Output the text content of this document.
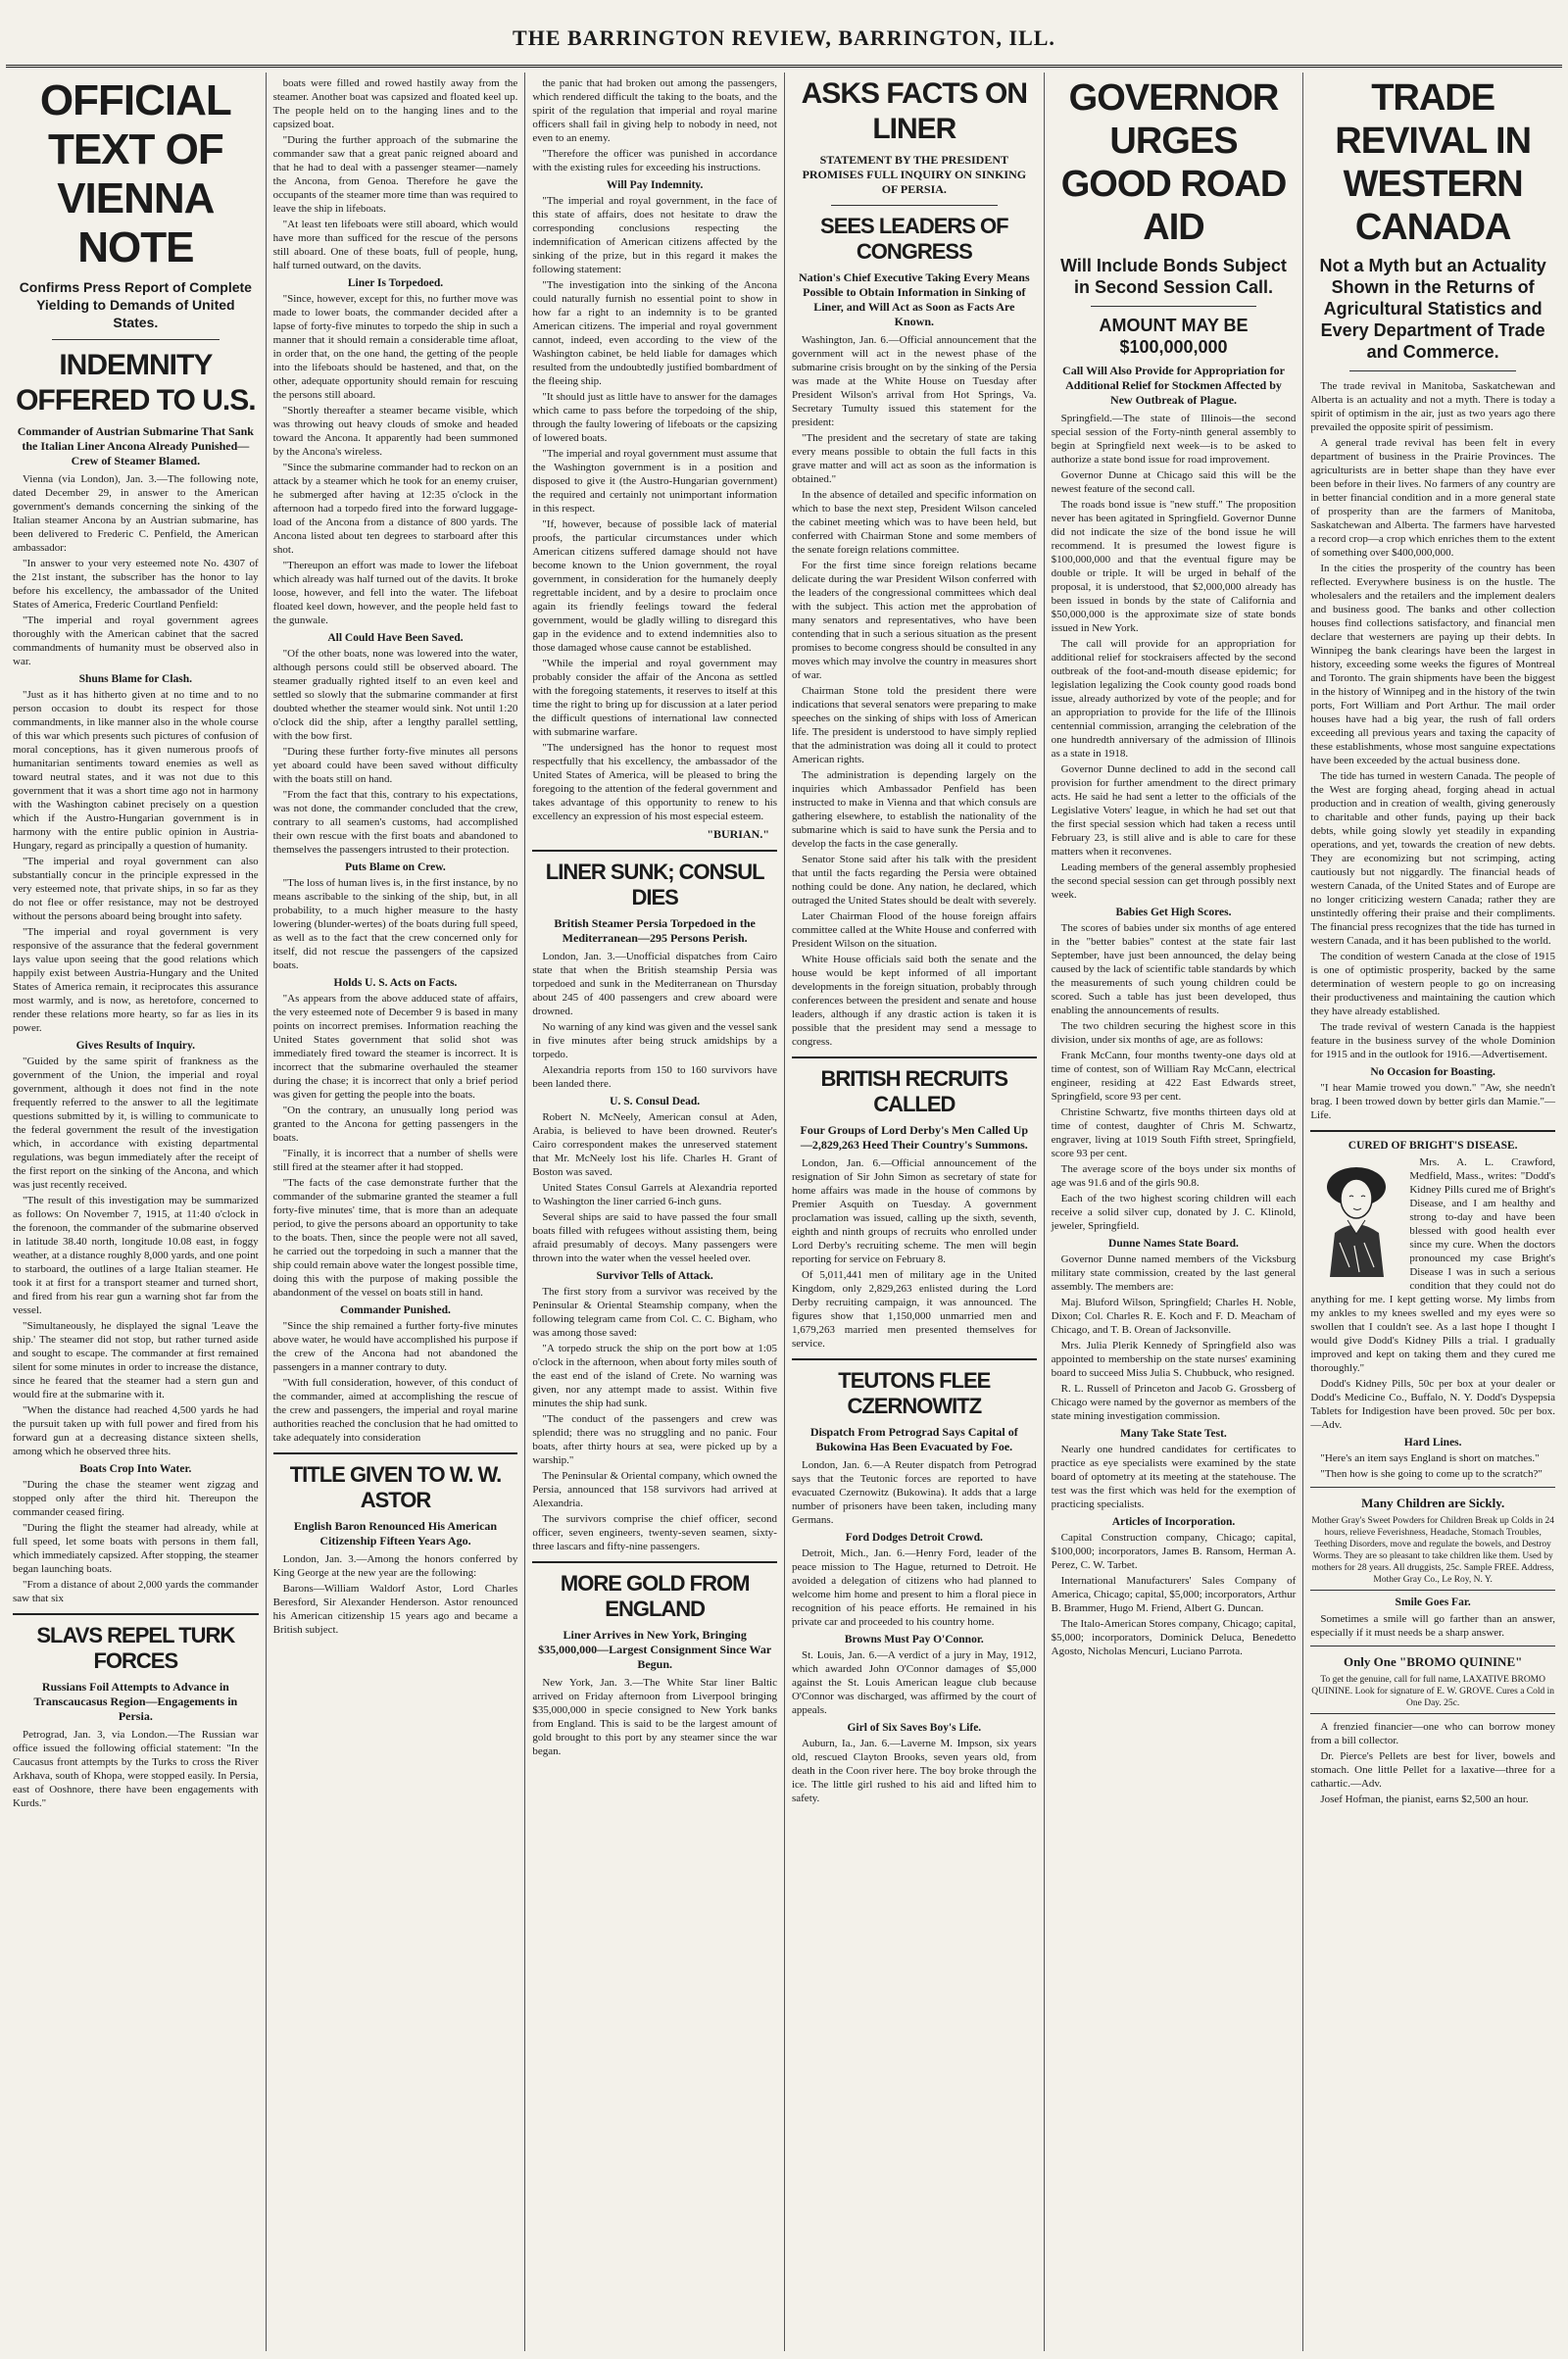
THE BARRINGTON REVIEW, BARRINGTON, ILL.
OFFICIAL TEXT OF VIENNA NOTE
Confirms Press Report of Complete Yielding to Demands of United States.
INDEMNITY OFFERED TO U.S.
Commander of Austrian Submarine That Sank the Italian Liner Ancona Already Punished—Crew of Steamer Blamed.

Vienna (via London), Jan. 3.—The following note, dated December 29, in answer to the American government's demands concerning the sinking of the Italian steamer Ancona by an Austrian submarine, has been delivered to Frederic C. Penfield, the American ambassador:

"In answer to your very esteemed note No. 4307 of the 21st instant, the subscriber has the honor to lay before his excellency, the ambassador of the United States of America, Frederic Courtland Penfield:

"The imperial and royal government agrees thoroughly with the American cabinet that the sacred commandments of humanity must be observed also in war.

Shuns Blame for Clash.

"Just as it has hitherto given at no time and to no person occasion to doubt its respect for those commandments, in like manner also in the whole course of this war which presents such pictures of confusion of moral conceptions, has it given numerous proofs of humanitarian sentiments toward enemies as well as toward neutral states, and it was not due to this government that it was a short time ago not in harmony with the Washington cabinet precisely on a question which if the Austro-Hungarian government is in harmony with the entire public opinion in Austria-Hungary, regard as principally a question of humanity.

"The imperial and royal government can also substantially concur in the principle expressed in the very esteemed note, that private ships, in so far as they do not flee or offer resistance, may not be destroyed without the persons aboard being brought into safety.

"The imperial and royal government is very responsive of the assurance that the federal government lays value upon seeing that the good relations which happily exist between Austria-Hungary and the United States of America remain, it reciprocates this assurance most warmly, and is now, as heretofore, concerned to render these relations more hearty, so far as lies in its power.

Gives Results of Inquiry.

"Guided by the same spirit of frankness as the government of the Union, the imperial and royal government, although it does not find in the note frequently referred to the answer to all the legitimate questions submitted by it, is willing to communicate to the federal government the result of the investigation which, in accordance with existing departmental regulations, was begun immediately after the receipt of the first report on the sinking of the Ancona, and which was just recently received.

"The result of this investigation may be summarized as follows: On November 7, 1915, at 11:40 o'clock in the forenoon, the commander of the submarine observed in latitude 38.40 north, longitude 10.08 east, in foggy weather, at a distance roughly 8,000 yards, and one point to starboard, the outlines of a large Italian steamer. He took it at first for a transport steamer and turned short, and fired from his rear gun a warning shot far from the vessel.

"Simultaneously, he displayed the signal 'Leave the ship.' The steamer did not stop, but rather turned aside and sought to escape. The commander at first remained silent for some minutes in order to increase the distance, since he feared that the steamer had a stern gun and would fire at the submarine with it.

"When the distance had reached 4,500 yards he had the pursuit taken up with full power and fired from his forward gun at a decreasing distance sixteen shells, among which he observed three hits.

Boats Crop Into Water.

"During the chase the steamer went zigzag and stopped only after the third hit. Thereupon the commander ceased firing.

"During the flight the steamer had already, while at full speed, let some boats with persons in them fall, which immediately capsized. After stopping, the steamer began launching boats.

"From a distance of about 2,000 yards the commander saw that six

SLAVS REPEL TURK FORCES
Russians Foil Attempts to Advance in Transcaucasus Region—Engagements in Persia.

Petrograd, Jan. 3, via London.—The Russian war office issued the following official statement: "In the Caucasus front attempts by the Turks to cross the River Arkhava, south of Khopa, were stopped easily. In Persia, east of Ooshnore, there have been engagements with Kurds."

boats were filled and rowed hastily away from the steamer. Another boat was capsized and floated keel up. The people held on to the hanging lines and to the capsized boat.

"During the further approach of the submarine the commander saw that a great panic reigned aboard and that he had to deal with a passenger steamer—namely the Ancona, from Genoa. Therefore he gave the occupants of the steamer more time than was required to leave the ship in lifeboats.

"At least ten lifeboats were still aboard, which would have more than sufficed for the rescue of the persons still aboard. One of these boats, full of people, hung, half turned outward, on the davits.

Liner Is Torpedoed.

"Since, however, except for this, no further move was made to lower boats, the commander decided after a lapse of forty-five minutes to torpedo the ship in such a manner that it should remain a considerable time afloat, in order that, on the one hand, the getting of the people into the lifeboats should be hastened, and that, on the other, adequate opportunity should remain for rescuing the persons still aboard.

"Shortly thereafter a steamer became visible, which was throwing out heavy clouds of smoke and headed toward the Ancona. It apparently had been summoned by the Ancona's wireless.

"Since the submarine commander had to reckon on an attack by a steamer which he took for an enemy cruiser, he submerged after having at 12:35 o'clock in the afternoon had a torpedo fired into the forward luggage-load of the Ancona from a distance of 800 yards. The Ancona listed about ten degrees to starboard after this shot.

"Thereupon an effort was made to lower the lifeboat which already was half turned out of the davits. It broke loose, however, and fell into the water. The lifeboat floated keel down, however, and the people held fast to the gunwale.

All Could Have Been Saved.

"Of the other boats, none was lowered into the water, although persons could still be observed aboard. The steamer gradually righted itself to an even keel and settled so slowly that the submarine commander at first doubted whether the steamer would sink. Not until 1:20 o'clock did the ship, after a lengthy parallel settling, with the bow first.

"During these further forty-five minutes all persons yet aboard could have been saved without difficulty with the boats still on hand.

"From the fact that this, contrary to his expectations, was not done, the commander concluded that the crew, contrary to all seamen's customs, had accomplished their own rescue with the first boats and abandoned to themselves the passengers intrusted to their protection.

Puts Blame on Crew.

"The loss of human lives is, in the first instance, by no means ascribable to the sinking of the ship, but, in all probability, to a much higher measure to the hasty lowering (blunder-wertes) of the boats during full speed, as well as to the fact that the crew concerned only for itself, did not rescue the passengers of the capsized boats.

Holds U. S. Acts on Facts.

"As appears from the above adduced state of affairs, the very esteemed note of December 9 is based in many points on incorrect premises. Information reaching the United States government that solid shot was immediately fired toward the steamer is incorrect. It is incorrect that the submarine overhauled the steamer during the chase; it is incorrect that only a brief period was given for getting the people into the boats.

"On the contrary, an unusually long period was granted to the Ancona for getting passengers in the boats.

"Finally, it is incorrect that a number of shells were still fired at the steamer after it had stopped.

"The facts of the case demonstrate further that the commander of the submarine granted the steamer a full forty-five minutes' time, that is more than an adequate period, to give the persons aboard an opportunity to take to the boats. Then, since the people were not all saved, he carried out the torpedoing in such a manner that the ship could remain above water the longest possible time, doing this with the purpose of making possible the abandonment of the vessel on boats still in hand.

Commander Punished.

"Since the ship remained a further forty-five minutes above water, he would have accomplished his purpose if the crew of the Ancona had not abandoned the passengers in a manner contrary to duty.

"With full consideration, however, of this conduct of the commander, aimed at accomplishing the rescue of the crew and passengers, the imperial and royal marine authorities reached the conclusion that he had omitted to take adequately into consideration

TITLE GIVEN TO W. W. ASTOR
English Baron Renounced His American Citizenship Fifteen Years Ago.

London, Jan. 3.—Among the honors conferred by King George at the new year are the following:

Barons—William Waldorf Astor, Lord Charles Beresford, Sir Alexander Henderson. Astor renounced his American citizenship 15 years ago and became a British subject.

the panic that had broken out among the passengers, which rendered difficult the taking to the boats, and the spirit of the regulation that imperial and royal marine officers shall fail in giving help to nobody in need, not even to an enemy.

"Therefore the officer was punished in accordance with the existing rules for exceeding his instructions.

Will Pay Indemnity.

"The imperial and royal government, in the face of this state of affairs, does not hesitate to draw the corresponding conclusions respecting the indemnification of American citizens affected by the sinking of the prize, but in this regard it makes the following statement:

"The investigation into the sinking of the Ancona could naturally furnish no essential point to show in how far a right to an indemnity is to be granted American citizens. The imperial and royal government cannot, indeed, even according to the view of the Washington cabinet, be held liable for damages which resulted from the undoubtedly justified bombardment of the fleeing ship.

"It should just as little have to answer for the damages which came to pass before the torpedoing of the ship, through the faulty lowering of lifeboats or the capsizing of lowered boats.

"The imperial and royal government must assume that the Washington government is in a position and disposed to give it (the Austro-Hungarian government) the required and certainly not unimportant information in this respect.

"If, however, because of possible lack of material proofs, the particular circumstances under which American citizens suffered damage should not have become known to the Union government, the royal government, in consideration for the humanely deeply regrettable incident, and by a desire to proclaim once again its friendly feelings toward the federal government, would be gladly willing to disregard this gap in the evidence and to extend indemnities also to those damaged whose cause cannot be established.

"While the imperial and royal government may probably consider the affair of the Ancona as settled with the foregoing statements, it reserves to itself at this time the right to bring up for discussion at a later period the difficult questions of international law connected with submarine warfare.

"The undersigned has the honor to request most respectfully that his excellency, the ambassador of the United States of America, will be pleased to bring the foregoing to the attention of the federal government and takes advantage of this opportunity to renew to his excellency an expression of his most especial esteem.

"BURIAN."
LINER SUNK; CONSUL DIES
British Steamer Persia Torpedoed in the Mediterranean—295 Persons Perish.

London, Jan. 3.—Unofficial dispatches from Cairo state that when the British steamship Persia was torpedoed and sunk in the Mediterranean on Thursday about 245 of 400 passengers and crew aboard were drowned.

No warning of any kind was given and the vessel sank in five minutes after being struck amidships by a torpedo.

Alexandria reports from 150 to 160 survivors have been landed there.

U. S. Consul Dead.

Robert N. McNeely, American consul at Aden, Arabia, is believed to have been drowned. Reuter's Cairo correspondent makes the unreserved statement that Mr. McNeely lost his life. Charles H. Grant of Boston was saved.

United States Consul Garrels at Alexandria reported to Washington the liner carried 6-inch guns.

Several ships are said to have passed the four small boats filled with refugees without assisting them, being afraid presumably of decoys. Many passengers were thrown into the water when the vessel heeled over.

Survivor Tells of Attack.

The first story from a survivor was received by the Peninsular & Oriental Steamship company, when the following telegram came from Col. C. C. Bigham, who was among those saved:

"A torpedo struck the ship on the port bow at 1:05 o'clock in the afternoon, when about forty miles south of the east end of the island of Crete. No warning was given, nor any attempt made to assist. Within five minutes the ship had sunk.

"The conduct of the passengers and crew was splendid; there was no struggling and no panic. Four boats, after thirty hours at sea, were picked up by a warship."

The Peninsular & Oriental company, which owned the Persia, announced that 158 survivors had arrived at Alexandria.

The survivors comprise the chief officer, second officer, seven engineers, twenty-seven seamen, sixty-three lascars and fifty-nine passengers.

MORE GOLD FROM ENGLAND
Liner Arrives in New York, Bringing $35,000,000—Largest Consignment Since War Begun.

New York, Jan. 3.—The White Star liner Baltic arrived on Friday afternoon from Liverpool bringing $35,000,000 in specie consigned to New York banks from England. This is said to be the largest amount of gold brought to this port by any steamer since the war began.

ASKS FACTS ON LINER
STATEMENT BY THE PRESIDENT PROMISES FULL INQUIRY ON SINKING OF PERSIA.
SEES LEADERS OF CONGRESS
Nation's Chief Executive Taking Every Means Possible to Obtain Information in Sinking of Liner, and Will Act as Soon as Facts Are Known.

Washington, Jan. 6.—Official announcement that the government will act in the newest phase of the submarine crisis brought on by the sinking of the Persia was made at the White House on Tuesday after President Wilson's arrival from Hot Springs, Va. Secretary Tumulty issued this statement for the president:

"The president and the secretary of state are taking every means possible to obtain the full facts in this grave matter and will act as soon as the information is obtained."

In the absence of detailed and specific information on which to base the next step, President Wilson canceled the cabinet meeting which was to have been held, but conferred with Chairman Stone and some members of the senate foreign relations committee.

For the first time since foreign relations became delicate during the war President Wilson conferred with the leaders of the congressional committees which deal with the subject. This action met the approbation of many senators and representatives, who have been contending that in such a serious situation as the present promises to become congress should be consulted in any moves which may involve the country in measures short of war.

Chairman Stone told the president there were indications that several senators were preparing to make speeches on the sinking of ships with loss of American life. The president is understood to have simply replied that the administration was doing all it could to protect American rights.

The administration is depending largely on the inquiries which Ambassador Penfield has been instructed to make in Vienna and that which consuls are gathering elsewhere, to establish the nationality of the submarine which is said to have sunk the Persia and to develop the facts in the case generally.

Senator Stone said after his talk with the president that until the facts regarding the Persia were obtained nothing could be done. Any nation, he declared, which outraged the United States should be dealt with severely.

Later Chairman Flood of the house foreign affairs committee called at the White House and conferred with President Wilson on the situation.

White House officials said both the senate and the house would be kept informed of all important developments in the foreign situation, probably through conferences between the president and senate and house leaders, although if any drastic action is taken it is possible that the president may send a message to congress.

BRITISH RECRUITS CALLED
Four Groups of Lord Derby's Men Called Up—2,829,263 Heed Their Country's Summons.

London, Jan. 6.—Official announcement of the resignation of Sir John Simon as secretary of state for home affairs was made in the house of commons by Premier Asquith on Tuesday. A government proclamation was issued, calling up the sixth, seventh, eighth and ninth groups of recruits who enrolled under Lord Derby's recruiting scheme. The men will begin reporting for service on February 8.

Of 5,011,441 men of military age in the United Kingdom, only 2,829,263 enlisted during the Lord Derby recruiting campaign, it was announced. The figures show that 1,150,000 unmarried men and 1,679,263 married men presented themselves for service.

TEUTONS FLEE CZERNOWITZ
Dispatch From Petrograd Says Capital of Bukowina Has Been Evacuated by Foe.

London, Jan. 6.—A Reuter dispatch from Petrograd says that the Teutonic forces are reported to have evacuated Czernowitz (Bukowina). It adds that a large number of prisoners have been taken, including many Germans.

Ford Dodges Detroit Crowd.

Detroit, Mich., Jan. 6.—Henry Ford, leader of the peace mission to The Hague, returned to Detroit. He avoided a delegation of citizens who had planned to welcome him home and present to him a floral piece in recognition of his peace efforts. He remained in his private car and proceeded to his country home.

Browns Must Pay O'Connor.

St. Louis, Jan. 6.—A verdict of a jury in May, 1912, which awarded John O'Connor damages of $5,000 against the St. Louis American league club because O'Connor was discharged, was affirmed by the court of appeals.

Girl of Six Saves Boy's Life.

Auburn, Ia., Jan. 6.—Laverne M. Impson, six years old, rescued Clayton Brooks, seven years old, from death in the Coon river here. The boy broke through the ice. The little girl rushed to his aid and lifted him to safety.

GOVERNOR URGES GOOD ROAD AID
Will Include Bonds Subject in Second Session Call.
AMOUNT MAY BE $100,000,000
Call Will Also Provide for Appropriation for Additional Relief for Stockmen Affected by New Outbreak of Plague.

Springfield.—The state of Illinois—the second special session of the Forty-ninth general assembly to begin at Springfield next week—is to be asked to authorize a state bond issue for road improvement.

Governor Dunne at Chicago said this will be the newest feature of the second call.

The roads bond issue is "new stuff." The proposition never has been agitated in Springfield. Governor Dunne did not indicate the size of the bond issue he will recommend. It is presumed the lowest figure is $100,000,000 and that the eventual figure may be double or triple. It will be urged in behalf of the proposal, it is understood, that $2,000,000 already has been issued in bonds by the state of California and $50,000,000 is the approximate size of state bonds issued in New York.

The call will provide for an appropriation for additional relief for stockraisers affected by the second outbreak of the foot-and-mouth disease epidemic; for legislation legalizing the Cook county good roads bond issue, already authorized by vote of the people; and for an appropriation to provide for the life of the Illinois centennial commission, arranging the celebration of the one hundredth anniversary of the admission of Illinois as a state in 1918.

Governor Dunne declined to add in the second call provision for further amendment to the direct primary acts. He said he had sent a letter to the officials of the Legislative Voters' league, in which he had set out that the first special session which had taken a recess until February 23, is still alive and is able to care for these matters when it reconvenes.

Leading members of the general assembly prophesied the second special session can get through possibly next week.

Babies Get High Scores.

The scores of babies under six months of age entered in the "better babies" contest at the state fair last September, have just been announced, the delay being caused by the lack of scientific table standards by which the measurements of such young children could be scored. Such a table has just been developed, thus enabling the announcements of results.

The two children securing the highest score in this division, under six months of age, are as follows:

Frank McCann, four months twenty-one days old at time of contest, son of William Ray McCann, electrical engineer, residing at 422 East Edwards street, Springfield, score 93 per cent.

Christine Schwartz, five months thirteen days old at time of contest, daughter of Chris M. Schwartz, engraver, living at 1019 South Fifth street, Springfield, score 93 per cent.

The average score of the boys under six months of age was 91.6 and of the girls 90.8.

Each of the two highest scoring children will each receive a solid silver cup, donated by J. C. Klinold, jeweler, Springfield.

Dunne Names State Board.

Governor Dunne named members of the Vicksburg military state commission, created by the last general assembly. The members are:

Maj. Bluford Wilson, Springfield; Charles H. Noble, Dixon; Col. Charles R. E. Koch and F. D. Meacham of Chicago, and T. B. Orean of Jacksonville.

Mrs. Julia Plerik Kennedy of Springfield also was appointed to membership on the state nurses' examining board to succeed Miss Julia S. Chubbuck, who resigned.

R. L. Russell of Princeton and Jacob G. Grossberg of Chicago were named by the governor as members of the state mining investigation commission.

Many Take State Test.

Nearly one hundred candidates for certificates to practice as eye specialists were examined by the state board of optometry at its meeting at the statehouse. The test was the first which was held for the exemption of practicing specialists.

Articles of Incorporation.

Capital Construction company, Chicago; capital, $100,000; incorporators, James B. Ransom, Herman A. Perez, C. W. Tarbet.

International Manufacturers' Sales Company of America, Chicago; capital, $5,000; incorporators, Arthur B. Brammer, Hugo M. Friend, Albert G. Duncan.

The Italo-American Stores company, Chicago; capital, $5,000; incorporators, Dominick Deluca, Benedetto Agosto, Nicholas Mencuri, Luciano Parrota.

TRADE REVIVAL IN WESTERN CANADA
Not a Myth but an Actuality Shown in the Returns of Agricultural Statistics and Every Department of Trade and Commerce.

The trade revival in Manitoba, Saskatchewan and Alberta is an actuality and not a myth. There is today a spirit of optimism in the air, just as two years ago there prevailed the opposite spirit of pessimism.

A general trade revival has been felt in every department of business in the Prairie Provinces. The agriculturists are in better shape than they have ever been before in their lives. No farmers of any country are in better financial condition and in a more general state of prosperity than are the farmers of Manitoba, Saskatchewan and Alberta. The farmers have harvested a record crop—a crop which enriches them to the extent of something over $400,000,000.

In the cities the prosperity of the country has been reflected. Everywhere business is on the hustle. The wholesalers and the retailers and the implement dealers and business good. The banks and other collection houses find collections satisfactory, and financial men declare that westerners are paying up their debts. In Winnipeg the bank clearings have been the largest in history, exceeding some weeks the figures of Montreal and Toronto. The grain shipments have been the biggest in the history of Winnipeg and in the history of the twin ports, Fort William and Port Arthur. The mail order houses have had a big year, the rush of fall orders exceeding all previous years and taxing the capacity of these establishments, whose most sanguine expectations have been exceeded by the actual business done.

The tide has turned in western Canada. The people of the West are forging ahead, forging ahead in actual production and in creation of wealth, giving generously to charitable and other funds, paying up their back debts, while going slowly yet steadily in expanding operations, and yet, towards the creation of new debts. They are economizing but not scrimping, acting cautiously but not niggardly. The financial heads of western Canada, of the United States and of Europe are no longer criticizing western Canada; rather they are unstintedly offering their praise and their compliments. The financial press recognizes that the tide has turned in western Canada, and it has been published to the world.

The condition of western Canada at the close of 1915 is one of optimistic prosperity, backed by the same determination of western people to go on increasing their productiveness and maintaining the caution which they have already established.

The trade revival of western Canada is the happiest feature in the business survey of the whole Dominion for 1915 and in the outlook for 1916.—Advertisement.

No Occasion for Boasting.

"I hear Mamie trowed you down." "Aw, she needn't brag. I been trowed down by better girls dan Mamie."—Life.

CURED OF BRIGHT'S DISEASE.

Mrs. A. L. Crawford, Medfield, Mass., writes: "Dodd's Kidney Pills cured me of Bright's Disease, and I am healthy and strong to-day and have been blessed with good health ever since my cure. When the doctors pronounced my case Bright's Disease I was in such a serious condition that they could not do anything for me. I kept getting worse. My limbs from my ankles to my knees swelled and my eyes were so swollen that I couldn't see. As a last hope I thought I would give Dodd's Kidney Pills a trial. I gradually improved and kept on taking them and they cured me thoroughly."

Dodd's Kidney Pills, 50c per box at your dealer or Dodd's Medicine Co., Buffalo, N. Y. Dodd's Dyspepsia Tablets for Indigestion have been proved. 50c per box.—Adv.

Hard Lines.

"Here's an item says England is short on matches."

"Then how is she going to come up to the scratch?"

Many Children are Sickly.
Mother Gray's Sweet Powders for Children Break up Colds in 24 hours, relieve Feverishness, Headache, Stomach Troubles, Teething Disorders, move and regulate the bowels, and Destroy Worms. They are so pleasant to take children like them. Used by mothers for 28 years. All druggists, 25c. Sample FREE. Address, Mother Gray Co., Le Roy, N. Y.
Smile Goes Far.

Sometimes a smile will go farther than an answer, especially if it must needs be a sharp answer.

Only One "BROMO QUININE"
To get the genuine, call for full name, LAXATIVE BROMO QUININE. Look for signature of E. W. GROVE. Cures a Cold in One Day. 25c.

A frenzied financier—one who can borrow money from a bill collector.

Dr. Pierce's Pellets are best for liver, bowels and stomach. One little Pellet for a laxative—three for a cathartic.—Adv.

Josef Hofman, the pianist, earns $2,500 an hour.
